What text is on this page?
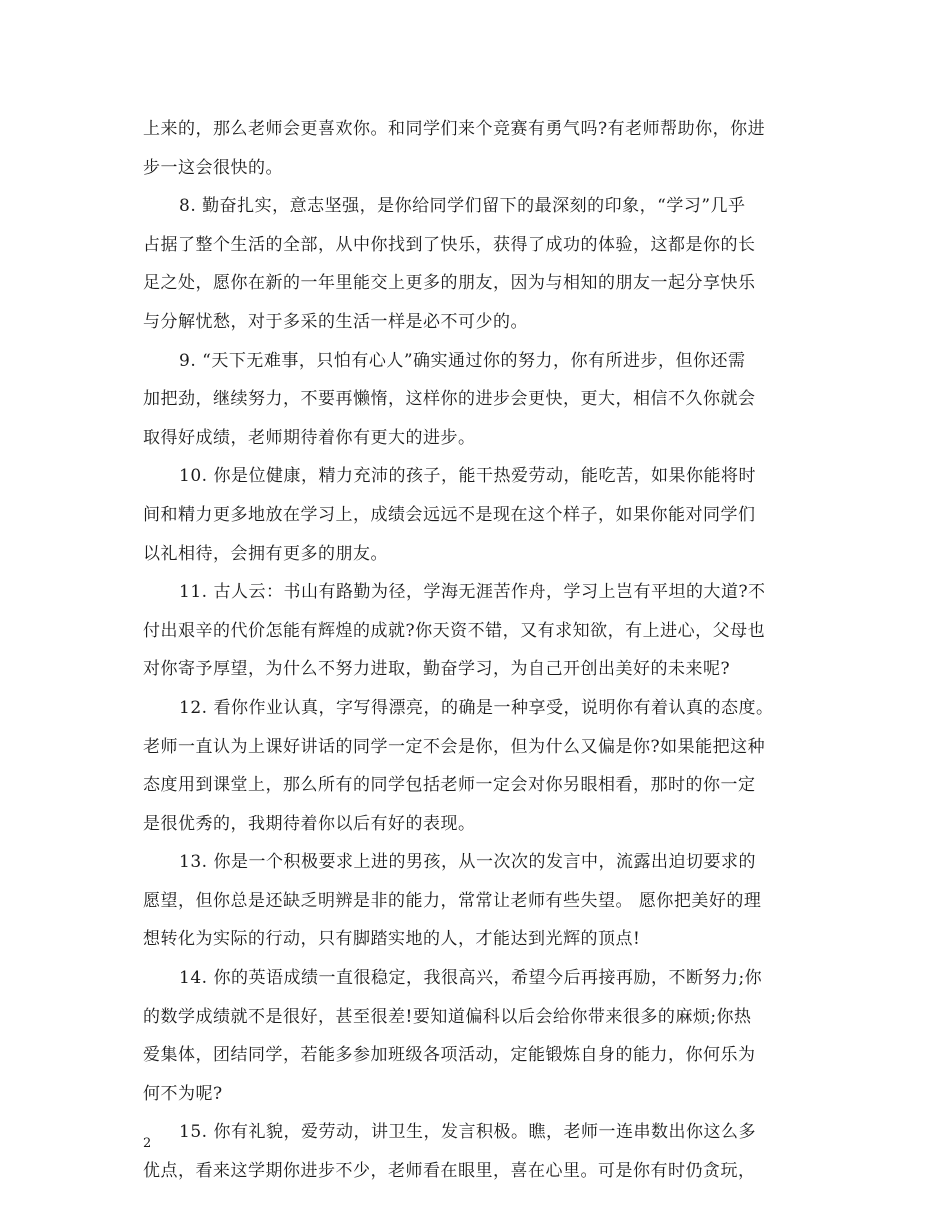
上来的，那么老师会更喜欢你。和同学们来个竞赛有勇气吗?有老师帮助你，你进
步一这会很快的。
8. 勤奋扎实，意志坚强，是你给同学们留下的最深刻的印象，“学习”几乎
占据了整个生活的全部，从中你找到了快乐，获得了成功的体验，这都是你的长
足之处，愿你在新的一年里能交上更多的朋友，因为与相知的朋友一起分享快乐
与分解忧愁，对于多采的生活一样是必不可少的。
9. “天下无难事，只怕有心人”确实通过你的努力，你有所进步，但你还需
加把劲，继续努力，不要再懒惰，这样你的进步会更快，更大，相信不久你就会
取得好成绩，老师期待着你有更大的进步。
10. 你是位健康，精力充沛的孩子，能干热爱劳动，能吃苦，如果你能将时
间和精力更多地放在学习上，成绩会远远不是现在这个样子，如果你能对同学们
以礼相待，会拥有更多的朋友。
11. 古人云：书山有路勤为径，学海无涯苦作舟，学习上岂有平坦的大道?不
付出艰辛的代价怎能有辉煌的成就?你天资不错，又有求知欲，有上进心，父母也
对你寄予厚望，为什么不努力进取，勤奋学习，为自己开创出美好的未来呢?
12. 看你作业认真，字写得漂亮，的确是一种享受，说明你有着认真的态度。
老师一直认为上课好讲话的同学一定不会是你，但为什么又偏是你?如果能把这种
态度用到课堂上，那么所有的同学包括老师一定会对你另眼相看，那时的你一定
是很优秀的，我期待着你以后有好的表现。
13. 你是一个积极要求上进的男孩，从一次次的发言中，流露出迫切要求的
愿望，但你总是还缺乏明辨是非的能力，常常让老师有些失望。 愿你把美好的理
想转化为实际的行动，只有脚踏实地的人，才能达到光辉的顶点!
14. 你的英语成绩一直很稳定，我很高兴，希望今后再接再励，不断努力;你
的数学成绩就不是很好，甚至很差!要知道偏科以后会给你带来很多的麻烦;你热
爱集体，团结同学，若能多参加班级各项活动，定能锻炼自身的能力，你何乐为
何不为呢?
15. 你有礼貌，爱劳动，讲卫生，发言积极。瞧，老师一连串数出你这么多
优点，看来这学期你进步不少，老师看在眼里，喜在心里。可是你有时仍贪玩，
2
